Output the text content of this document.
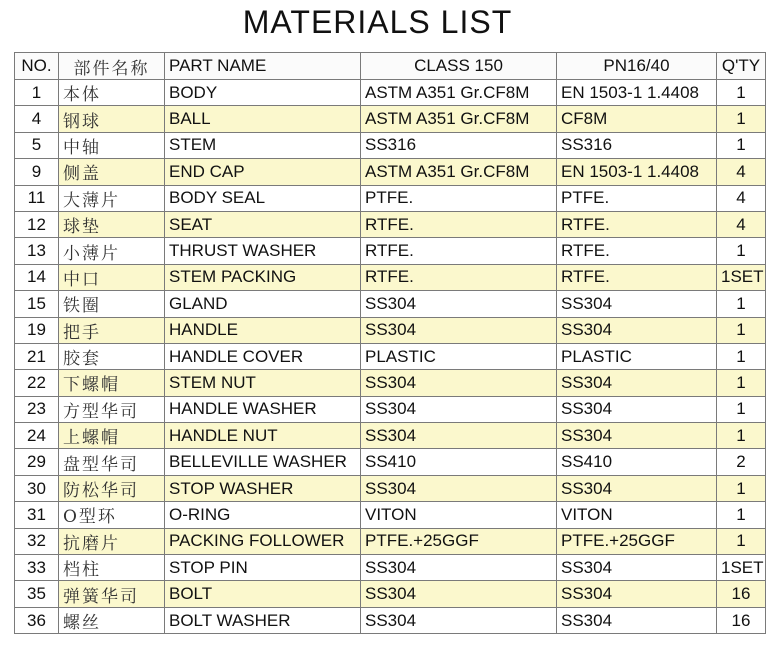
MATERIALS LIST
NO.	部件名称	PART NAME	CLASS 150	PN16/40	Q'TY
1	本体	BODY	ASTM A351 Gr.CF8M	EN 1503-1 1.4408	1
4	钢球	BALL	ASTM A351 Gr.CF8M	CF8M	1
5	中轴	STEM	SS316	SS316	1
9	侧盖	END CAP	ASTM A351 Gr.CF8M	EN 1503-1 1.4408	4
11	大薄片	BODY SEAL	PTFE.	PTFE.	4
12	球垫	SEAT	RTFE.	RTFE.	4
13	小薄片	THRUST WASHER	RTFE.	RTFE.	1
14	中口	STEM PACKING	RTFE.	RTFE.	1SET
15	铁圈	GLAND	SS304	SS304	1
19	把手	HANDLE	SS304	SS304	1
21	胶套	HANDLE COVER	PLASTIC	PLASTIC	1
22	下螺帽	STEM NUT	SS304	SS304	1
23	方型华司	HANDLE WASHER	SS304	SS304	1
24	上螺帽	HANDLE NUT	SS304	SS304	1
29	盘型华司	BELLEVILLE WASHER	SS410	SS410	2
30	防松华司	STOP WASHER	SS304	SS304	1
31	O型环	O-RING	VITON	VITON	1
32	抗磨片	PACKING FOLLOWER	PTFE.+25GGF	PTFE.+25GGF	1
33	档柱	STOP PIN	SS304	SS304	1SET
35	弹簧华司	BOLT	SS304	SS304	16
36	螺丝	BOLT WASHER	SS304	SS304	16
